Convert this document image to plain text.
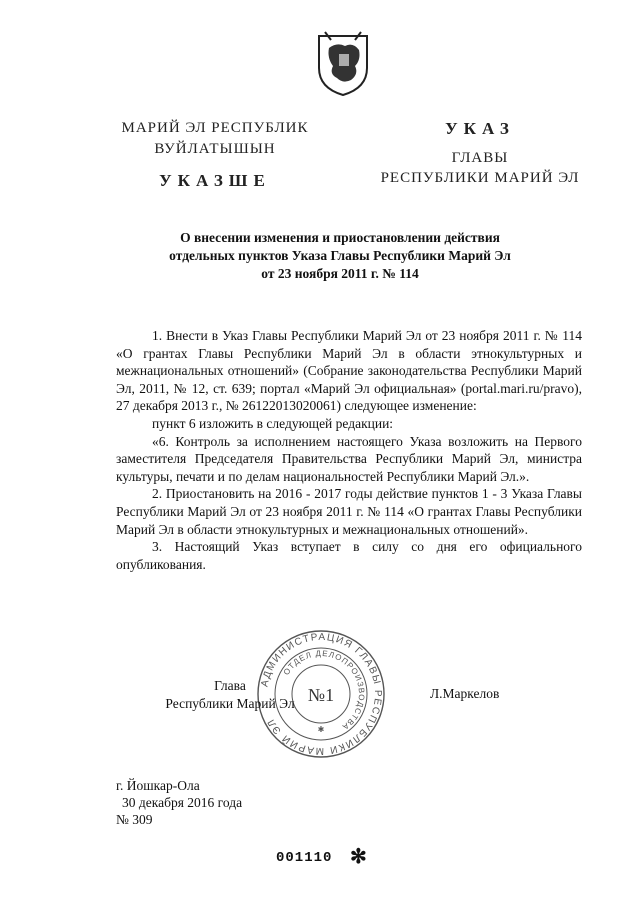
МАРИЙ ЭЛ РЕСПУБЛИК
ВУЙЛАТЫШЫН
УКАЗШЕ
УКАЗ
ГЛАВЫ
РЕСПУБЛИКИ МАРИЙ ЭЛ
О внесении изменения и приостановлении действия
отдельных пунктов Указа Главы Республики Марий Эл
от 23 ноября 2011 г. № 114

1. Внести в Указ Главы Республики Марий Эл от 23 ноября 2011 г. № 114 «О грантах Главы Республики Марий Эл в области этнокультурных и межнациональных отношений» (Собрание законодательства Республики Марий Эл, 2011, № 12, ст. 639; портал «Марий Эл официальная» (portal.mari.ru/pravo), 27 декабря 2013 г., № 26122013020061) следующее изменение:

пункт 6 изложить в следующей редакции:

«6. Контроль за исполнением настоящего Указа возложить на Первого заместителя Председателя Правительства Республики Марий Эл, министра культуры, печати и по делам национальностей Республики Марий Эл.».

2. Приостановить на 2016 - 2017 годы действие пунктов 1 - 3 Указа Главы Республики Марий Эл от 23 ноября 2011 г. № 114 «О грантах Главы Республики Марий Эл в области этнокультурных и межнациональных отношений».

3. Настоящий Указ вступает в силу со дня его официального опубликования.

АДМИНИСТРАЦИЯ ГЛАВЫ РЕСПУБЛИКИ МАРИЙ ЭЛ
ОТДЕЛ ДЕЛОПРОИЗВОДСТВА
№1
✱
Глава
Республики Марий Эл
Л.Маркелов
г. Йошкар-Ола
30 декабря 2016 года
№ 309
001110 ✻
